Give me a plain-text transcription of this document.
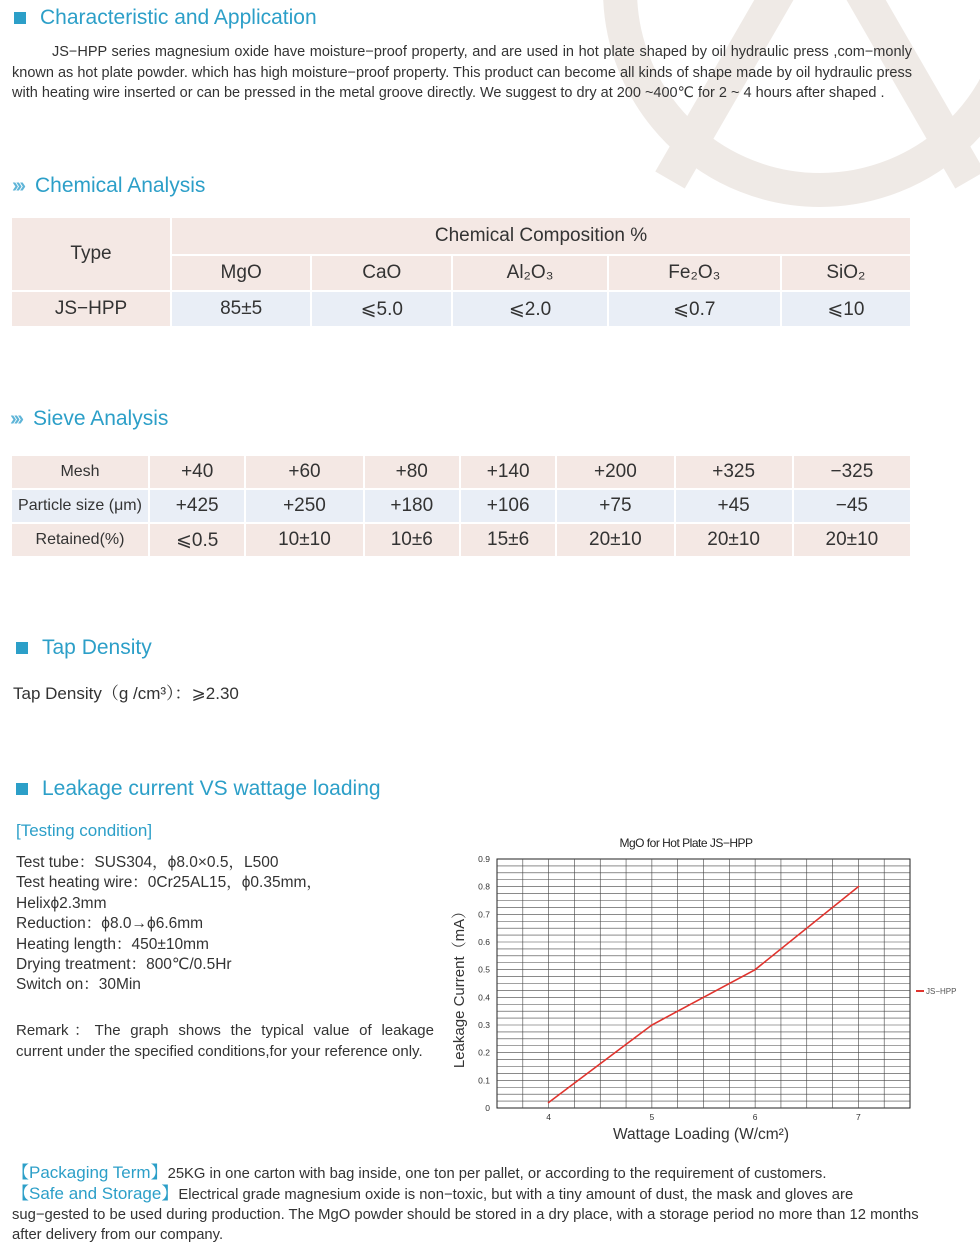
Characteristic and Application

JS−HPP series magnesium oxide have moisture−proof property, and are used in hot plate shaped by oil hydraulic press ,com−monly known as hot plate powder. which has high moisture−proof property. This product can become all kinds of shape made by oil hydraulic press with heating wire inserted or can be pressed in the metal groove directly. We suggest to dry at 200 ~400℃ for 2 ~ 4 hours after shaped .

››› Chemical Analysis
Type	Chemical Composition %				
	MgO	CaO	Al₂O₃	Fe₂O₃	SiO₂
JS−HPP	85±5	⩽5.0	⩽2.0	⩽0.7	⩽10
››› Sieve Analysis
Mesh	+40	+60	+80	+140	+200	+325	−325
Particle size (μm)	+425	+250	+180	+106	+75	+45	−45
Retained(%)	⩽0.5	10±10	10±6	15±6	20±10	20±10	20±10
Tap Density
Tap Density（g /cm³）：⩾2.30
Leakage current VS wattage loading
[Testing condition]
Test tube：SUS304，ϕ8.0×0.5，L500
Test heating wire：0Cr25AL15，ϕ0.35mm，
Helixϕ2.3mm
Reduction：ϕ8.0→ϕ6.6mm
Heating length：450±10mm
Drying treatment：800℃/0.5Hr
Switch on：30Min
Remark：The graph shows the typical value of leakage current under the specified conditions,for your reference only.
MgO for Hot Plate JS−HPP
0
0.1
0.2
0.3
0.4
0.5
0.6
0.7
0.8
0.9
4	5	6	7
Leakage Current（mA）
Wattage Loading (W/cm²)
JS−HPP

【Packaging Term】25KG in one carton with bag inside, one ton per pallet, or according to the requirement of customers.

【Safe and Storage】Electrical grade magnesium oxide is non−toxic, but with a tiny amount of dust, the mask and gloves are sug−gested to be used during production. The MgO powder should be stored in a dry place, with a storage period no more than 12 months after delivery from our company.
